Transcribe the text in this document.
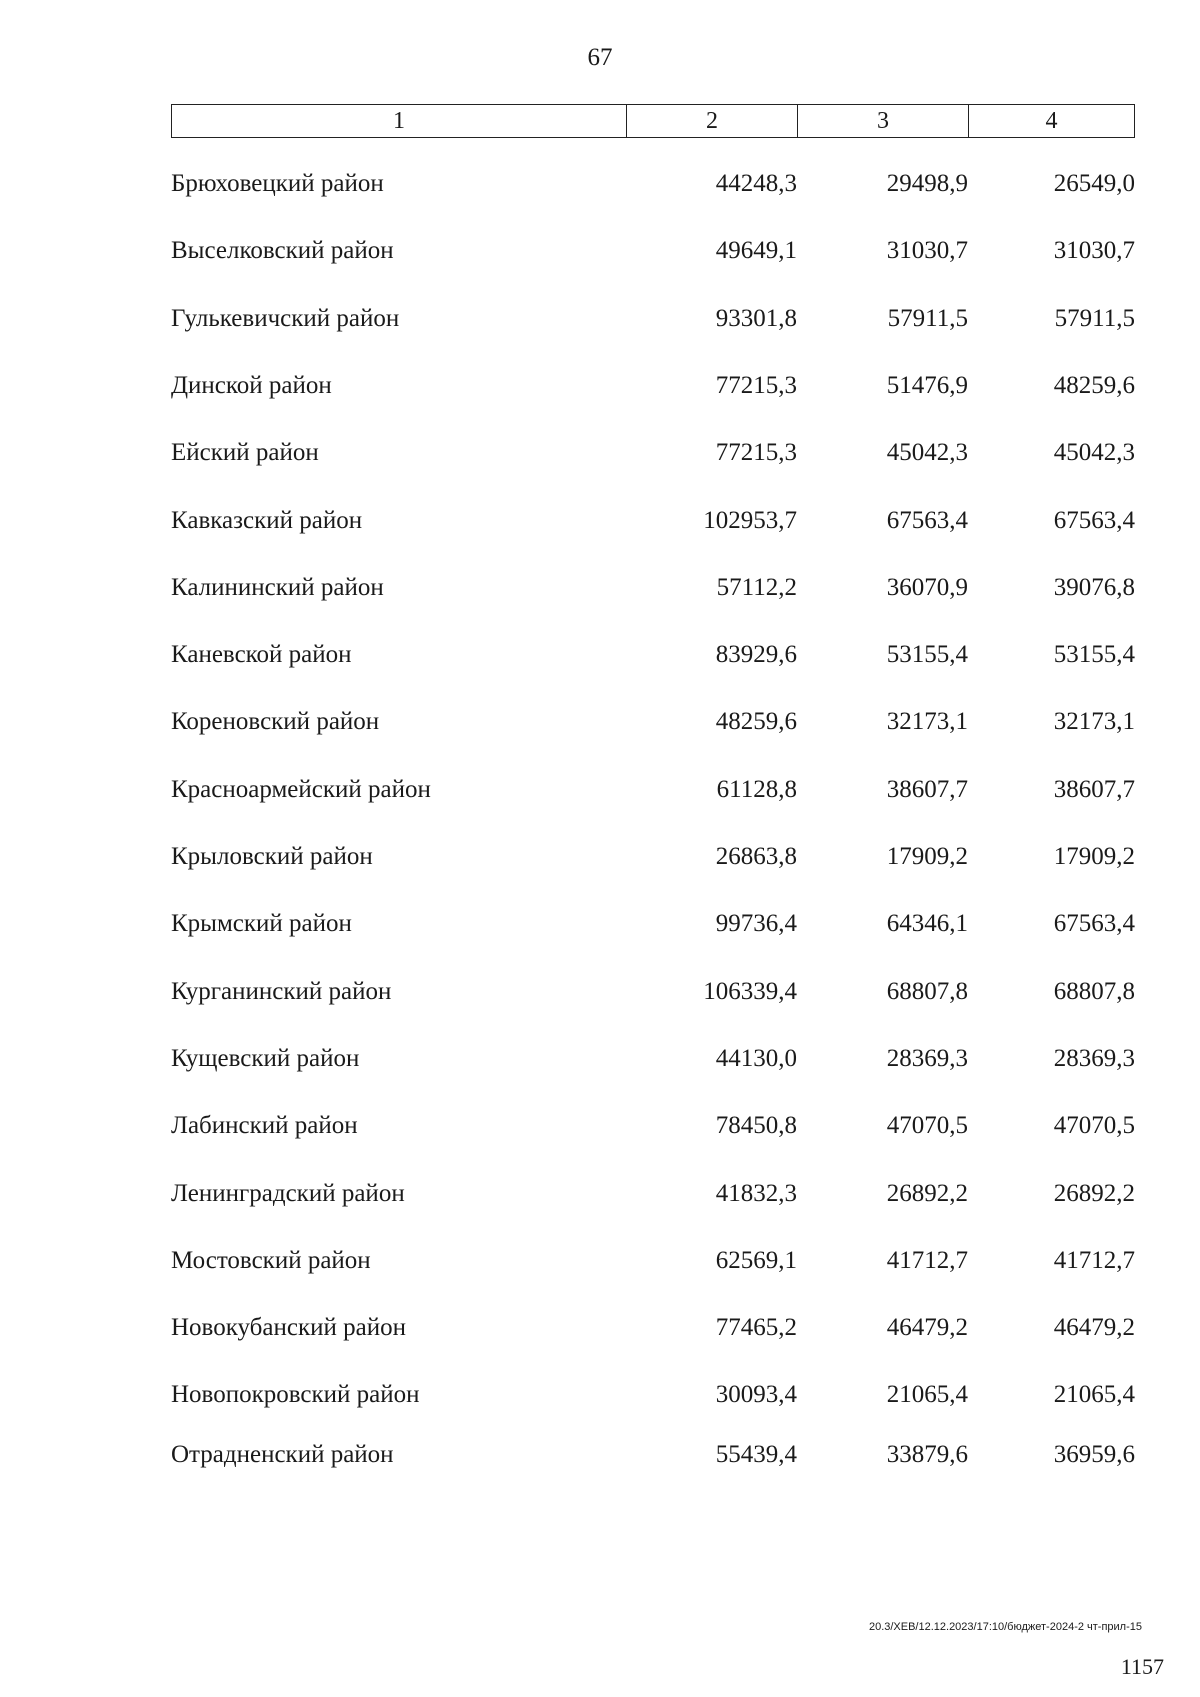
67
1	2	3	4
Брюховецкий район	44248,3	29498,9	26549,0
Выселковский район	49649,1	31030,7	31030,7
Гулькевичский район	93301,8	57911,5	57911,5
Динской район	77215,3	51476,9	48259,6
Ейский район	77215,3	45042,3	45042,3
Кавказский район	102953,7	67563,4	67563,4
Калининский район	57112,2	36070,9	39076,8
Каневской район	83929,6	53155,4	53155,4
Кореновский район	48259,6	32173,1	32173,1
Красноармейский район	61128,8	38607,7	38607,7
Крыловский район	26863,8	17909,2	17909,2
Крымский район	99736,4	64346,1	67563,4
Курганинский район	106339,4	68807,8	68807,8
Кущевский район	44130,0	28369,3	28369,3
Лабинский район	78450,8	47070,5	47070,5
Ленинградский район	41832,3	26892,2	26892,2
Мостовский район	62569,1	41712,7	41712,7
Новокубанский район	77465,2	46479,2	46479,2
Новопокровский район	30093,4	21065,4	21065,4
Отрадненский район	55439,4	33879,6	36959,6
20.3/ХЕВ/12.12.2023/17:10/бюджет-2024-2 чт-прил-15
1157
